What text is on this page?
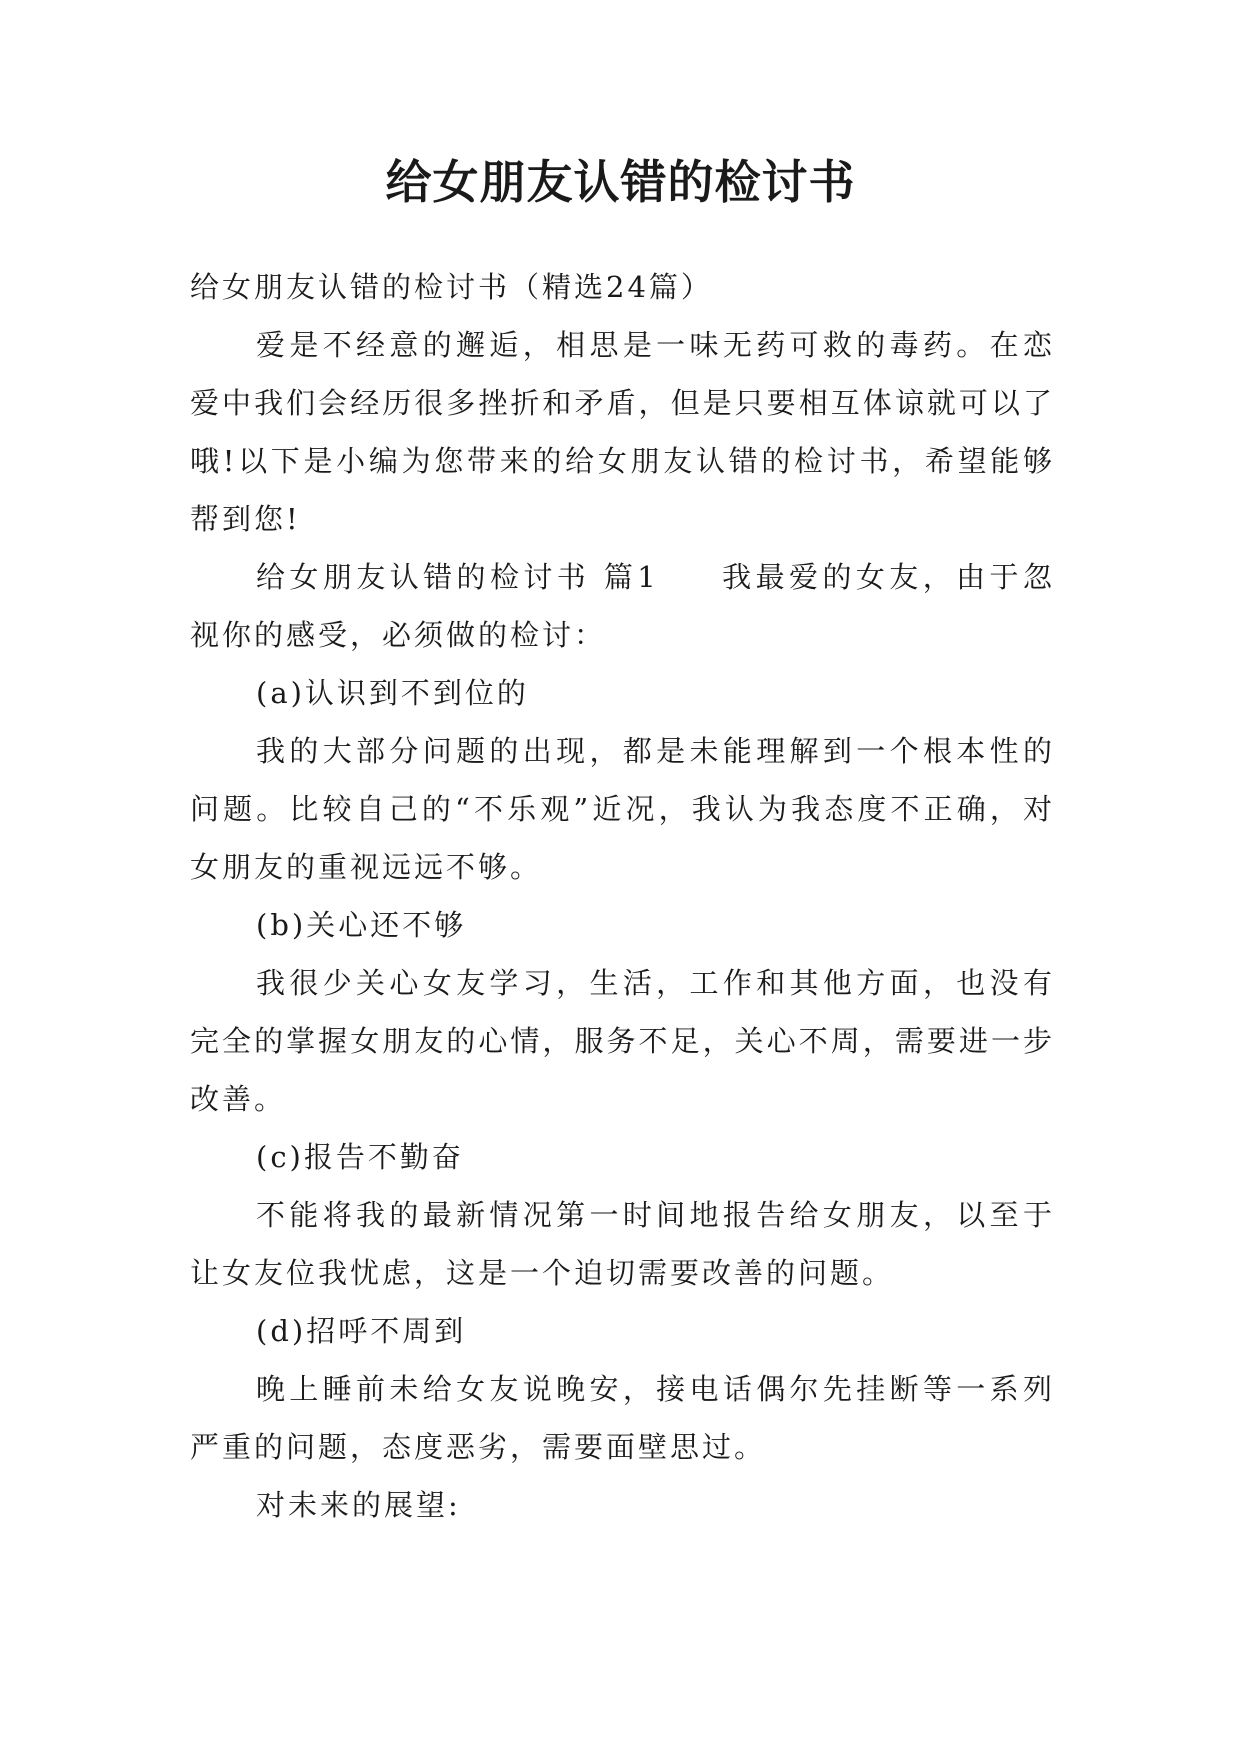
给女朋友认错的检讨书

给女朋友认错的检讨书（精选24篇）

爱是不经意的邂逅，相思是一味无药可救的毒药。在恋爱中我们会经历很多挫折和矛盾，但是只要相互体谅就可以了哦!以下是小编为您带来的给女朋友认错的检讨书，希望能够帮到您!

给女朋友认错的检讨书 篇1 我最爱的女友，由于忽视你的感受，必须做的检讨：

(a)认识到不到位的

我的大部分问题的出现，都是未能理解到一个根本性的问题。比较自己的“不乐观”近况，我认为我态度不正确，对女朋友的重视远远不够。

(b)关心还不够

我很少关心女友学习，生活，工作和其他方面，也没有完全的掌握女朋友的心情，服务不足，关心不周，需要进一步改善。

(c)报告不勤奋

不能将我的最新情况第一时间地报告给女朋友，以至于让女友位我忧虑，这是一个迫切需要改善的问题。

(d)招呼不周到

晚上睡前未给女友说晚安，接电话偶尔先挂断等一系列严重的问题，态度恶劣，需要面壁思过。

对未来的展望:
